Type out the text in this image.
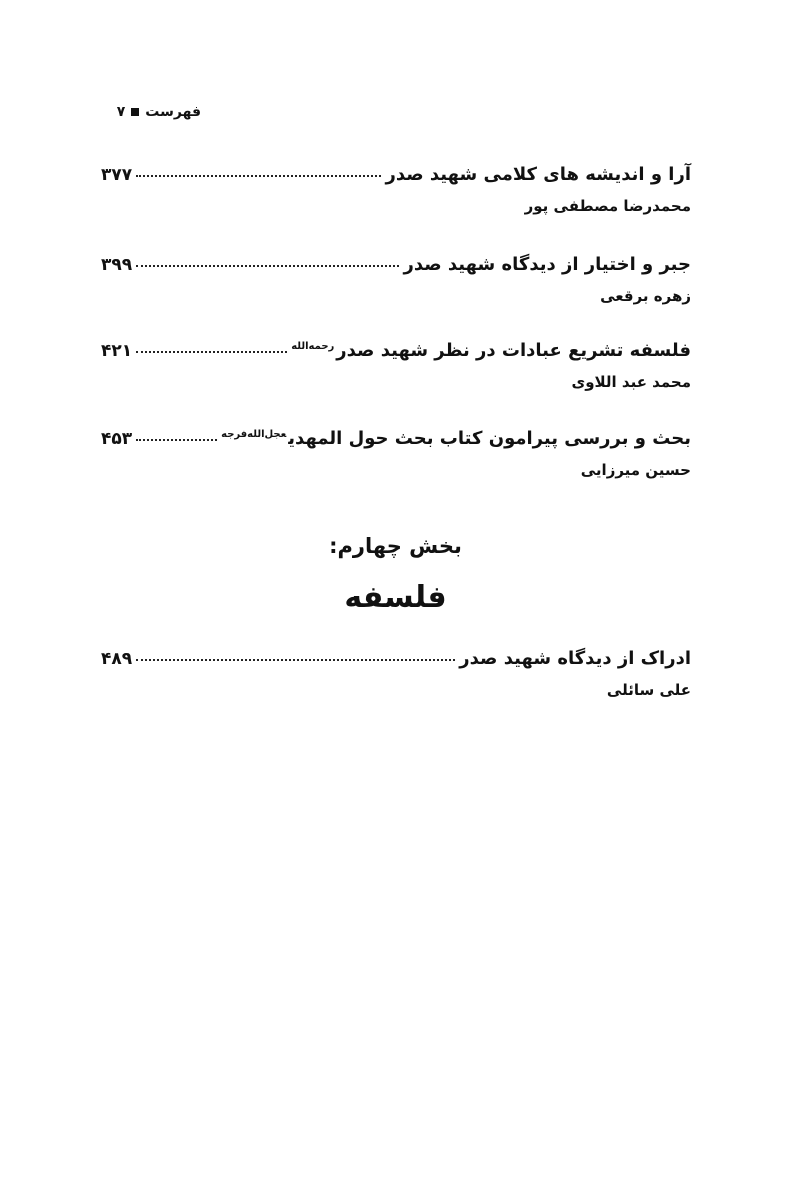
فهرست۷
آرا و اندیشه های کلامی شهید صدر
۳۷۷
محمدرضا مصطفی پور
جبر و اختیار از دیدگاه شهید صدر
۳۹۹
زهره برقعی
فلسفه تشریع عبادات در نظر شهید صدر$^{رحمه‌الله}$
۴۲۱
محمد عبد اللاوی
بحث و بررسی پیرامون کتاب بحث حول المهدی$^{عجل‌الله‌فرجه}$
۴۵۳
حسین میرزایی
بخش چهارم:
فلسفه
ادراک از دیدگاه شهید صدر
۴۸۹
علی سائلی
